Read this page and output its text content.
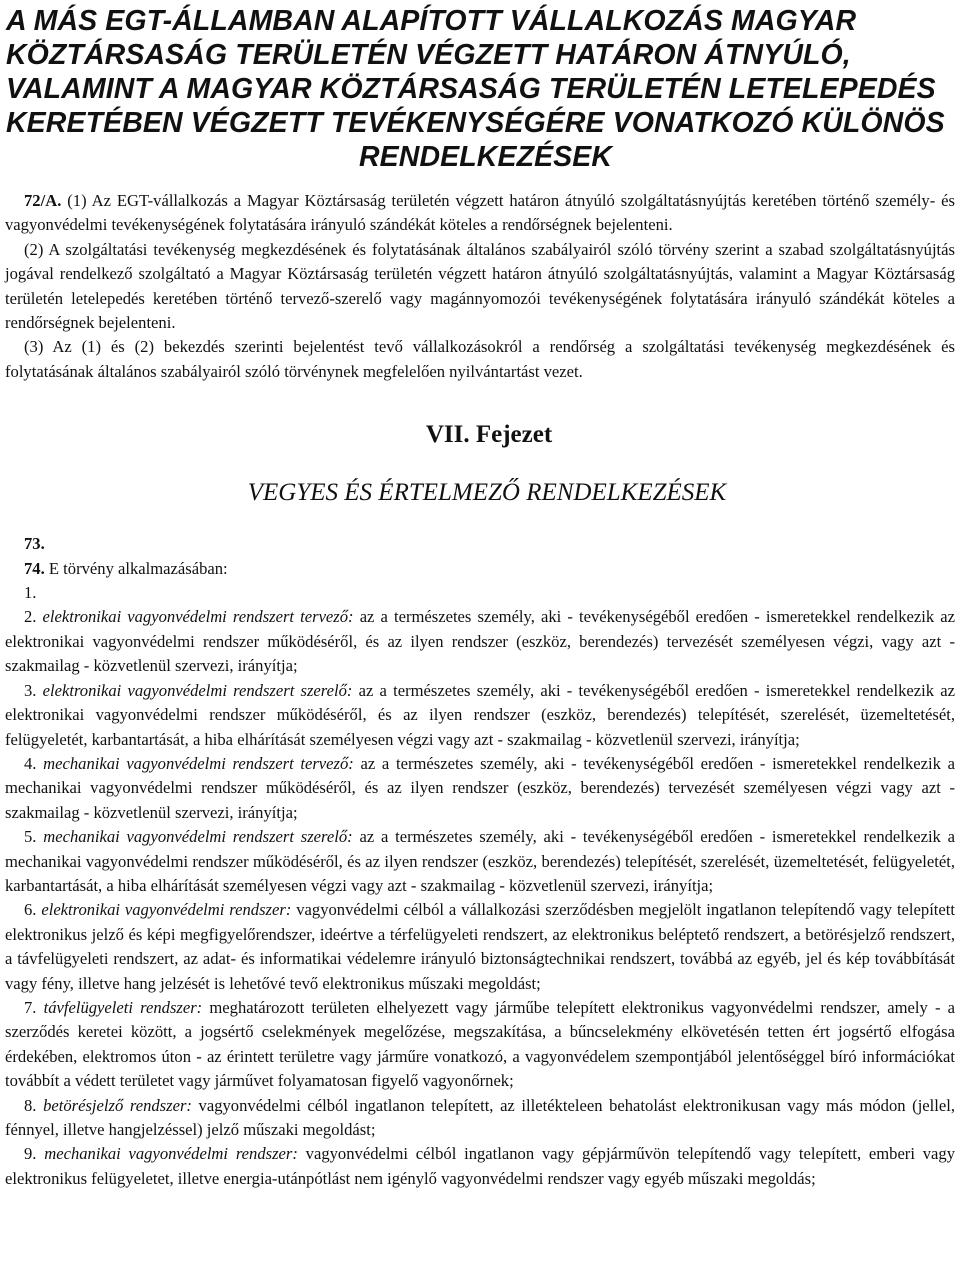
A MÁS EGT-ÁLLAMBAN ALAPÍTOTT VÁLLALKOZÁS MAGYAR
KÖZTÁRSASÁG TERÜLETÉN VÉGZETT HATÁRON ÁTNYÚLÓ,
VALAMINT A MAGYAR KÖZTÁRSASÁG TERÜLETÉN LETELEPEDÉS
KERETÉBEN VÉGZETT TEVÉKENYSÉGÉRE VONATKOZÓ KÜLÖNÖS
RENDELKEZÉSEK

72/A. (1) Az EGT-vállalkozás a Magyar Köztársaság területén végzett határon átnyúló szolgáltatásnyújtás keretében történő személy- és vagyonvédelmi tevékenységének folytatására irányuló szándékát köteles a rendőrségnek bejelenteni.

(2) A szolgáltatási tevékenység megkezdésének és folytatásának általános szabályairól szóló törvény szerint a szabad szolgáltatásnyújtás jogával rendelkező szolgáltató a Magyar Köztársaság területén végzett határon átnyúló szolgáltatásnyújtás, valamint a Magyar Köztársaság területén letelepedés keretében történő tervező-szerelő vagy magánnyomozói tevékenységének folytatására irányuló szándékát köteles a rendőrségnek bejelenteni.

(3) Az (1) és (2) bekezdés szerinti bejelentést tevő vállalkozásokról a rendőrség a szolgáltatási tevékenység megkezdésének és folytatásának általános szabályairól szóló törvénynek megfelelően nyilvántartást vezet.

VII. Fejezet
VEGYES ÉS ÉRTELMEZŐ RENDELKEZÉSEK

73.

74. E törvény alkalmazásában:

1.

2. elektronikai vagyonvédelmi rendszert tervező: az a természetes személy, aki - tevékenységéből eredően - ismeretekkel rendelkezik az elektronikai vagyonvédelmi rendszer működéséről, és az ilyen rendszer (eszköz, berendezés) tervezését személyesen végzi, vagy azt - szakmailag - közvetlenül szervezi, irányítja;

3. elektronikai vagyonvédelmi rendszert szerelő: az a természetes személy, aki - tevékenységéből eredően - ismeretekkel rendelkezik az elektronikai vagyonvédelmi rendszer működéséről, és az ilyen rendszer (eszköz, berendezés) telepítését, szerelését, üzemeltetését, felügyeletét, karbantartását, a hiba elhárítását személyesen végzi vagy azt - szakmailag - közvetlenül szervezi, irányítja;

4. mechanikai vagyonvédelmi rendszert tervező: az a természetes személy, aki - tevékenységéből eredően - ismeretekkel rendelkezik a mechanikai vagyonvédelmi rendszer működéséről, és az ilyen rendszer (eszköz, berendezés) tervezését személyesen végzi vagy azt - szakmailag - közvetlenül szervezi, irányítja;

5. mechanikai vagyonvédelmi rendszert szerelő: az a természetes személy, aki - tevékenységéből eredően - ismeretekkel rendelkezik a mechanikai vagyonvédelmi rendszer működéséről, és az ilyen rendszer (eszköz, berendezés) telepítését, szerelését, üzemeltetését, felügyeletét, karbantartását, a hiba elhárítását személyesen végzi vagy azt - szakmailag - közvetlenül szervezi, irányítja;

6. elektronikai vagyonvédelmi rendszer: vagyonvédelmi célból a vállalkozási szerződésben megjelölt ingatlanon telepítendő vagy telepített elektronikus jelző és képi megfigyelőrendszer, ideértve a térfelügyeleti rendszert, az elektronikus beléptető rendszert, a betörésjelző rendszert, a távfelügyeleti rendszert, az adat- és informatikai védelemre irányuló biztonságtechnikai rendszert, továbbá az egyéb, jel és kép továbbítását vagy fény, illetve hang jelzését is lehetővé tevő elektronikus műszaki megoldást;

7. távfelügyeleti rendszer: meghatározott területen elhelyezett vagy járműbe telepített elektronikus vagyonvédelmi rendszer, amely - a szerződés keretei között, a jogsértő cselekmények megelőzése, megszakítása, a bűncselekmény elkövetésén tetten ért jogsértő elfogása érdekében, elektromos úton - az érintett területre vagy járműre vonatkozó, a vagyonvédelem szempontjából jelentőséggel bíró információkat továbbít a védett területet vagy járművet folyamatosan figyelő vagyonőrnek;

8. betörésjelző rendszer: vagyonvédelmi célból ingatlanon telepített, az illetékteleen behatolást elektronikusan vagy más módon (jellel, fénnyel, illetve hangjelzéssel) jelző műszaki megoldást;

9. mechanikai vagyonvédelmi rendszer: vagyonvédelmi célból ingatlanon vagy gépjárművön telepítendő vagy telepített, emberi vagy elektronikus felügyeletet, illetve energia-utánpótlást nem igénylő vagyonvédelmi rendszer vagy egyéb műszaki megoldás;
